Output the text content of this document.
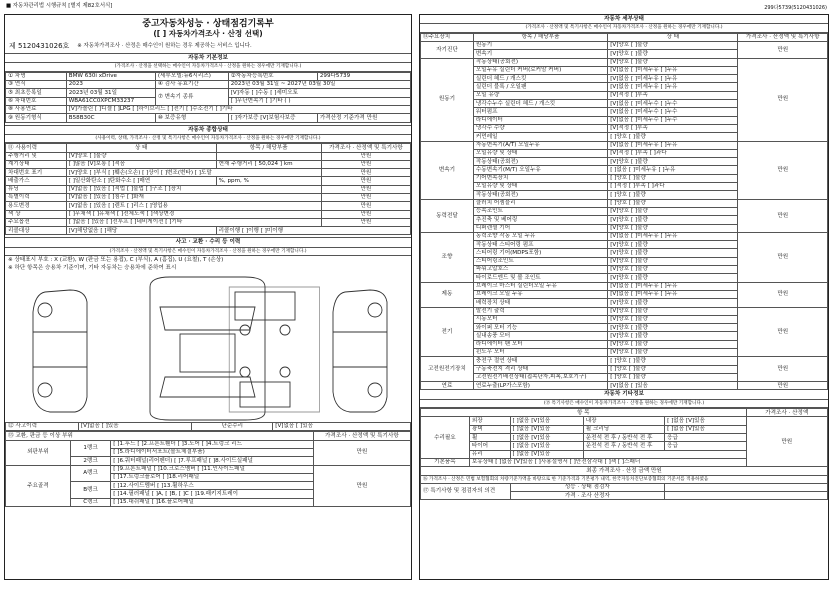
■ 자동차관리법 시행규칙 [별지 제82호서식]	299다5739(5120431026)
중고자동차성능 · 상태점검기록부
([ ] 자동차가격조사 · 산정 선택)
제 5120431026호 ※ 자동차가격조사 · 산정은 매수인이 원하는 경우 제공하는 서비스 입니다.
자동차 기본정보
(가격조사 · 산정을 선택하는 매수인이 자동차가격조사 · 산정을 원하는 경우에만 기재합니다.)
① 차명	BMW 630i xDrive	(세부모델:뉴6시리즈)	②자동차등록번호	299다5739
③ 연식	2023	④ 검사 유효기간	2023년 03월 31일 ~ 2027년 03월 30일	
⑤ 최초등록일	2023년 03월 31일	⑦ 변속기 종류	[V]자동 [ ]수동 [ ]세미오토	
⑥ 차대번호	WBA61CC0XPCM33237		[ ]무단변속기 [ ]기타 ( )	
⑧ 사용연료	[V]가솔린 [ ]디젤 [ ]LPG [ ]하이브리드 [ ]전기 [ ]수소전기 [ ]기타			
⑨ 원동기형식	B58B30C	⑩ 보증유형	[ ]자가보증 [V]보험사보증	가격산정 기준가격 만원
자동차 종합상태
(사용이력, 상태, 가격조사 · 산정 및 특기사항은 매수인이 자동차가격조사 · 산정을 원하는 경우에만 기재합니다.)
⑪ 사용이력	상 태	항목 / 해당부품	가격조사 · 산정액 및 특기사항
주행거리 및	[V]양호 [ ]불량		만원
계기상태	[ ]많음 [V]보통 [ ]적음	현재 주행거리 [ 50,024 ] km	만원
차대번호 표기	[V]양호 [ ]부식 [ ]훼손(오손) [ ]상이 [ ]변조(변타) [ ]도말		만원
배출가스	[ ]일산화탄소 [ ]탄화수소 [ ]매연	%, ppm, %	만원
튜닝	[V]없음 [ ]있음 [ ]적법 [ ]불법 [ ]구조 [ ]장치		만원
특별이력	[V]없음 [ ]있음 [ ]침수 [ ]화재		만원
용도변경	[V]없음 [ ]있음 [ ]렌트 [ ]리스 [ ]영업용		만원
색 상	[ ]무채색 [ ]유채색 [ ]전체도색 [ ]색상변경		만원
주요옵션	[ ]없음 [ ]있음 [ ]선루프 [ ]네비게이션 [ ]기타		만원
리콜대상	[V]해당없음 [ ]해당	리콜이행 [ ]이행 [ ]미이행	
사고 · 교환 · 수리 등 이력
(가격조사 · 산정액 및 특기사항은 매수인이 자동차가격조사 · 산정을 원하는 경우에만 기재합니다.)
※ 상태표시 부호 : X (교환), W (판금 또는 용접), C (부식), A (흠집), U (요철), T (손상)
※ 하단 항목은 승용차 기준이며, 기타 자동차는 승용차에 준하여 표시
⑫ 사고이력	[V]없음 [ ]있음	단순수리	[V]없음 [ ]있음
⑬ 교환, 판금 등 이상 부위			가격조사 · 산정액 및 특기사항
외판부위	1랭크	[ ]1.후드 [ ]2.프론트휀더 [ ]3.도어 [ ]4.트렁크 리드	만원
		[ ]5.라디에이터서포트(볼트체결부품)	
	2랭크	[ ]6.쿼터패널(리어펜더) [ ]7.루프패널 [ ]8.사이드실패널	
주요골격	A랭크	[ ]9.프론트패널 [ ]10.크로스멤버 [ ]11.인사이드패널	만원
		[ ]17.트렁크플로어 [ ]18.리어패널	
	B랭크	[ ]12.사이드멤버 [ ]13.휠하우스	
		[ ]14.필러패널 [ ]A, [ ]B, [ ]C [ ]19.패키지트레이	
	C랭크	[ ]15.대쉬패널 [ ]16.플로어패널	
자동차 세부상태
(가격조사 · 산정액 및 특기사항은 매수인이 자동차가격조사 · 산정을 원하는 경우에만 기재합니다.)
⑭주요장치	항목 / 해당부품	상 태	가격조사 · 산정액 및 특기사항
자기진단	원동기	[V]양호 [ ]불량	만원
	변속기	[V]양호 [ ]불량	
원동기	작동상태(공회전)	[V]양호 [ ]불량	만원
	오일누유 실린더 커버(로커암 커버)	[V]없음 [ ]미세누유 [ ]누유	
	실린더 헤드 / 개스킷	[V]없음 [ ]미세누유 [ ]누유	
	실린더 블록 / 오일팬	[V]없음 [ ]미세누유 [ ]누유	
	오일 유량	[V]적정 [ ]부족	
	냉각수누수 실린더 헤드 / 개스킷	[V]없음 [ ]미세누수 [ ]누수	
	워터펌프	[V]없음 [ ]미세누수 [ ]누수	
	라디에이터	[V]없음 [ ]미세누수 [ ]누수	
	냉각수 수량	[V]적정 [ ]부족	
	커먼레일	[ ]양호 [ ]불량	
변속기	자동변속기(A/T) 오일누유	[V]없음 [ ]미세누유 [ ]누유	만원
	오일유량 및 상태	[V]적정 [ ]부족 [ ]과다	
	작동상태(공회전)	[V]양호 [ ]불량	
	수동변속기(M/T) 오일누유	[ ]없음 [ ]미세누유 [ ]누유	
	기어변속장치	[ ]양호 [ ]불량	
	오일유량 및 상태	[ ]적정 [ ]부족 [ ]과다	
	작동상태(공회전)	[ ]양호 [ ]불량	
동력전달	클러치 어셈블리	[ ]양호 [ ]불량	만원
	등속조인트	[V]양호 [ ]불량	
	추진축 및 베어링	[V]양호 [ ]불량	
	디퍼렌셜 기어	[V]양호 [ ]불량	
조향	동력조향 작동 오일 누유	[V]없음 [ ]미세누유 [ ]누유	만원
	작동상태 스티어링 펌프	[V]양호 [ ]불량	
	스티어링 기어(MDPS포함)	[V]양호 [ ]불량	
	스티어링조인트	[V]양호 [ ]불량	
	파워고압호스	[V]양호 [ ]불량	
	타이로드엔드 및 볼 조인트	[V]양호 [ ]불량	
제동	브레이크 마스터 실린더오일 누유	[V]없음 [ ]미세누유 [ ]누유	만원
	브레이크 오일 누유	[V]없음 [ ]미세누유 [ ]누유	
	배력장치 상태	[V]양호 [ ]불량	
전기	발전기 출력	[V]양호 [ ]불량	만원
	시동모터	[V]양호 [ ]불량	
	와이퍼 모터 기능	[V]양호 [ ]불량	
	실내송풍 모터	[V]양호 [ ]불량	
	라디에이터 팬 모터	[V]양호 [ ]불량	
	윈도우 모터	[V]양호 [ ]불량	
고전원전기장치	충전구 절연 상태	[ ]양호 [ ]불량	만원
	구동축전지 격리 상태	[ ]양호 [ ]불량	
	고전원전기배선상태(접속단자,피복,보호기구)	[ ]양호 [ ]불량	
연료	연료누출(LP가스포함)	[V]없음 [ ]있음	만원
자동차 기타정보
(⑮ 특기사항은 매수인이 자동차가격조사 · 산정을 원하는 경우에만 기재합니다.)
항 목					가격조사 · 산정액
수리필요	외장	[ ]없음 [V]있음	내장	[ ]없음 [V]있음	만원
	광택	[ ]없음 [V]있음	휠 크리닝	[ ]없음 [V]있음	
	휠	[ ]없음 [V]있음	운전석 전 후 / 동반석 전 후	응급	
	타이어	[ ]없음 [V]있음	운전석 전 후 / 동반석 전 후	응급	
	유리	[ ]없음 [V]있음			
기본품목	보유상태 [ ]없음 [V]있음 [ ]사용설명서 [ ]안전삼각대 [ ]잭 [ ]스패너				
최종 가격조사 · 산정 금액 만원					
⑯ 가격조사 · 산정은 민법 보험협회의 차량기준가액을 바탕으로 한 기준가격과 기본평가 내역, 한국자동차진단보증협회의 기준서를 적용하였음					
⑰ 특기사항 및 점검자의 의견		성능 · 상태 점검자			
		가격 · 조사 산정자			
